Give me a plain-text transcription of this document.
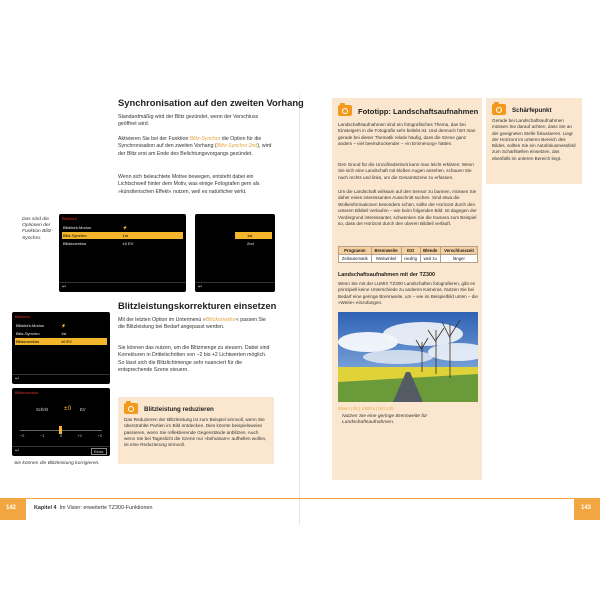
Synchronisation auf den zweiten Vorhang
Standardmäßig wird der Blitz gezündet, wenn der Verschluss geöffnet wird.
Aktivieren Sie bei der Funktion Blitz-Synchro die Option für die Synchronisation auf den zweiten Vorhang (Blitz-Synchro 2nd), wird der Blitz erst am Ende des Belichtungsvorgangs gezündet.
Wenn sich beleuchtete Motive bewegen, entsteht dabei ein Lichtschweif hinter dem Motiv, was einige Fotografen gern als »künstlerischen Effekt« nutzen, weil es natürlicher wirkt.
Das sind die Optionen der Funktion Blitz-Synchro.
Blitzlicht
Blitzlicht-Modus	⚡
Blitz-Synchro	1st
Blitzkorrektur	±0 EV
↩
1st
2nd
↩
Blitzleistungskorrekturen einsetzen
Mit der letzten Option im Untermenü »Blitzkorrektur« passen Sie die Blitzleistung bei Bedarf angepasst werden.
Sie können das nutzen, um die Blitzmenge zu steuern. Dabei sind Korrekturen in Drittelschritten von −2 bis +2 Lichtwerten möglich. So lässt sich die Blitzlichtmenge sehr nuanciert für die entsprechende Szene steuern.
Blitzlicht
Blitzlicht-Modus	⚡
Blitz-Synchro	1st
Blitzkorrektur	±0 EV
↩
Blitzkorrektur
Schritt ±0 EV
−2	−1	0	+1	+2
↩	Einst.
Blitzleistung reduzieren
Das Reduzieren der Blitzleistung ist zum Beispiel sinnvoll, wenn Sie überstrahlte Partien im Bild entdecken. Dies könnte beispielsweise passieren, wenn Sie reflektierende Gegenstände anblitzen. Auch wenn Sie bei Tageslicht die Szene nur »behutsam« aufhellen wollen, ist eine Reduzierung sinnvoll.
Sie können die Blitzleistung korrigieren.
142	Kapitel 4 Im Visier: erweiterte TZ300-Funktionen
Fototipp: Landschaftsaufnahmen
Landschaftsaufnahmen sind ein fotografisches Thema, das bei Einsteigern in die Fotografie sehr beliebt ist. Und dennoch hört man gerade bei dieser Thematik relativ häufig, dass die Szene ganz anders – viel beeindruckender – »in Erinnerung« hätten.
Den Grund für die Unzufriedenheit kann man leicht erklären: Wenn Sie sich eine Landschaft mit bloßen Augen ansehen, schauen Sie nach rechts und links, um die Gesamtszene zu erfassen.
Um die Landschaft wirksam auf den Sensor zu bannen, müssen Sie daher einen interessanten Ausschnitt suchen. Sind etwa die Wolkenformationen besonders schön, sollte der Horizont durch den unteren Bildteil verlaufen – wie beim folgenden Bild. Ist dagegen der Vordergrund interessanter, schwenken Sie die Kamera zum Beispiel so, dass der Horizont durch den oberen Bildteil verläuft.
Programm	Brennweite	ISO	Blende	Verschlusszeit
Zeitautomatik	Weitwinkel	niedrig	weit zu	länger
Landschaftsaufnahmen mit der TZ300
Wenn Sie mit der LUMIX TZ300 Landschaften fotografieren, gibt es prinzipiell keine Unterschiede zu anderen Kameras. Nutzen Sie bei Bedarf eine geringe Brennweite, um – wie im Beispielbild unten – die »Weite« einzufangen.
25mm | f/8 | 1/500 s | ISO 125
Nutzen Sie eine geringe Brennweite für Landschaftsaufnahmen.
Schärfepunkt
Gerade bei Landschaftsaufnahmen müssen Sie darauf achten, dass Sie an der geeigneten Stelle fokussieren. Liegt der Horizont im unteren Bereich des Bildes, sollten Sie ein Autofokusmessfeld zum Scharfstellen einsetzen, das ebenfalls im unteren Bereich liegt.
143
